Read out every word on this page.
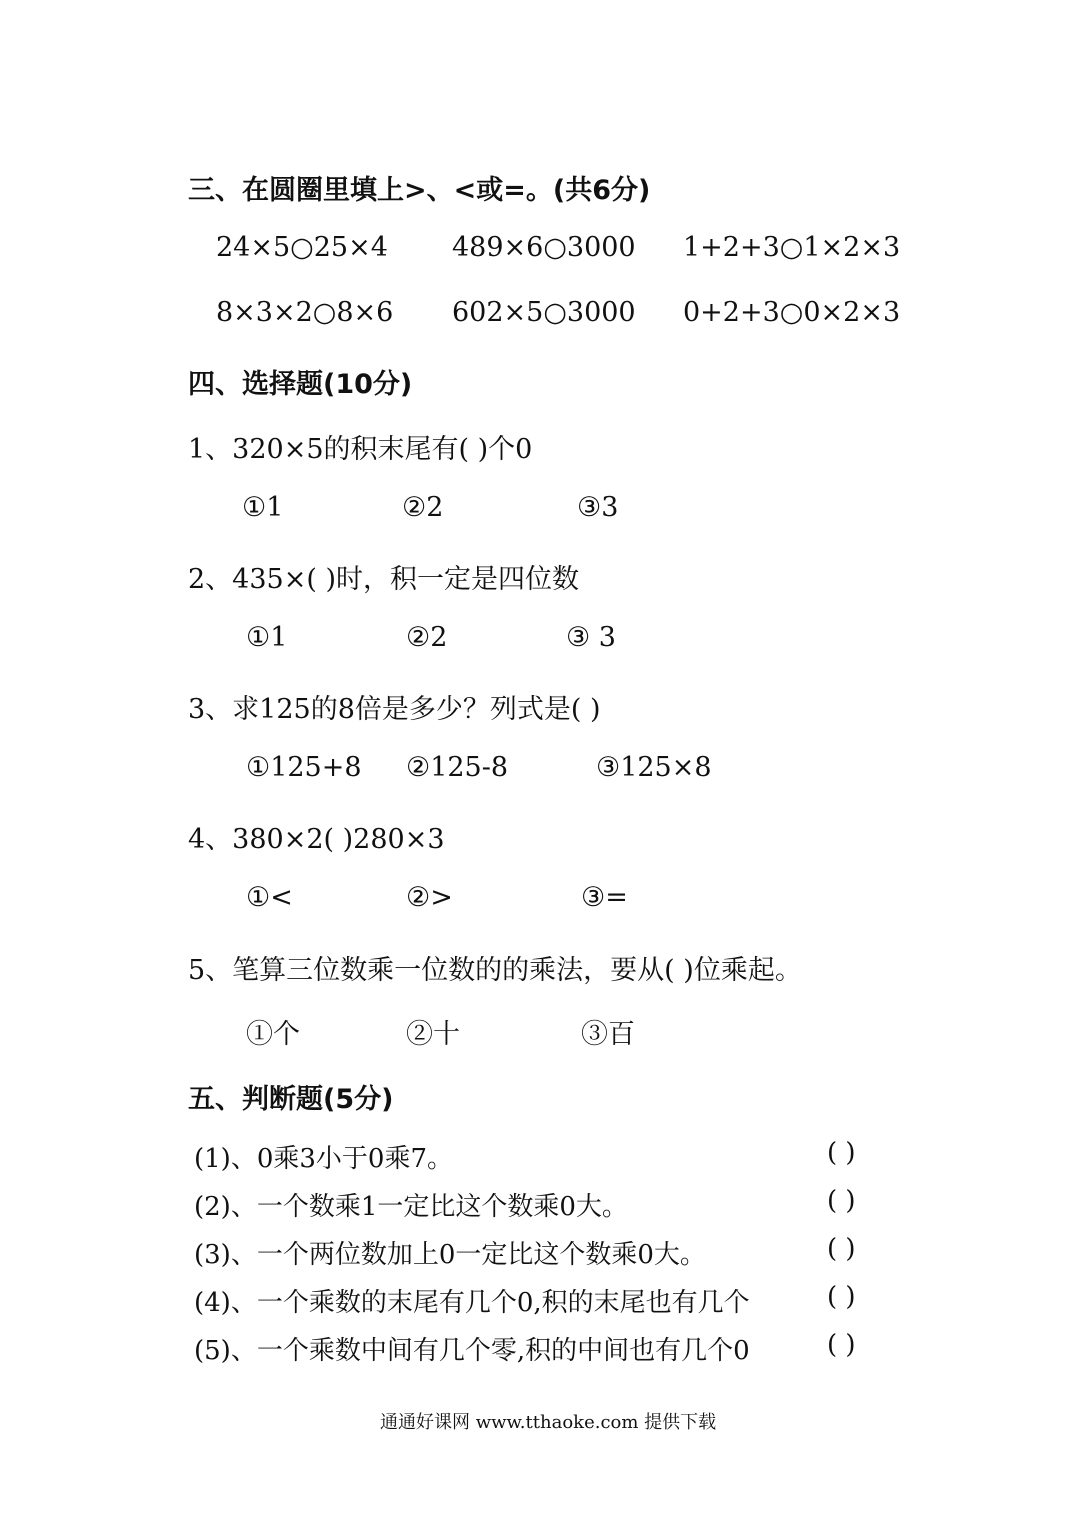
三、在圆圈里填上>、<或=。(共6分)
24×5○25×4 489×6○3000 1+2+3○1×2×3
8×3×2○8×6 602×5○3000 0+2+3○0×2×3
四、选择题(10分)
1、320×5的积末尾有( )个0
①1	②2	③3
2、435×( )时，积一定是四位数
①1	②2	③ 3
3、求125的8倍是多少？列式是( )
①125+8 ②125-8	③125×8
4、380×2( )280×3
①<	②>	③=
5、笔算三位数乘一位数的的乘法，要从( )位乘起。
①个	②十	③百
五、判断题(5分)
(1)、0乘3小于0乘7。	( )
(2)、一个数乘1一定比这个数乘0大。	( )
(3)、一个两位数加上0一定比这个数乘0大。	( )
(4)、一个乘数的末尾有几个0,积的末尾也有几个	( )
(5)、一个乘数中间有几个零,积的中间也有几个0	( )
通通好课网 www.tthaoke.com 提供下载
